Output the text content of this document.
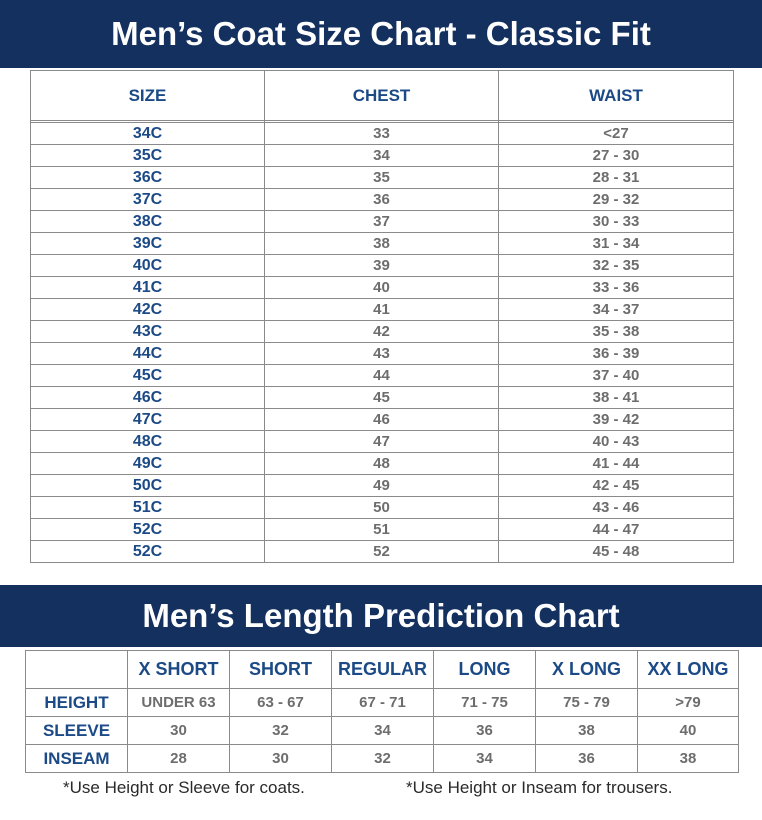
Men’s Coat Size Chart - Classic Fit
SIZE	CHEST	WAIST

34C	33	<27
35C	34	27 - 30
36C	35	28 - 31
37C	36	29 - 32
38C	37	30 - 33
39C	38	31 - 34
40C	39	32 - 35
41C	40	33 - 36
42C	41	34 - 37
43C	42	35 - 38
44C	43	36 - 39
45C	44	37 - 40
46C	45	38 - 41
47C	46	39 - 42
48C	47	40 - 43
49C	48	41 - 44
50C	49	42 - 45
51C	50	43 - 46
52C	51	44 - 47
52C	52	45 - 48
Men’s Length Prediction Chart
	X SHORT	SHORT	REGULAR	LONG	X LONG	XX LONG
HEIGHT	UNDER 63	63 - 67	67 - 71	71 - 75	75 - 79	>79
SLEEVE	30	32	34	36	38	40
INSEAM	28	30	32	34	36	38
*Use Height or Sleeve for coats.	*Use Height or Inseam for trousers.
